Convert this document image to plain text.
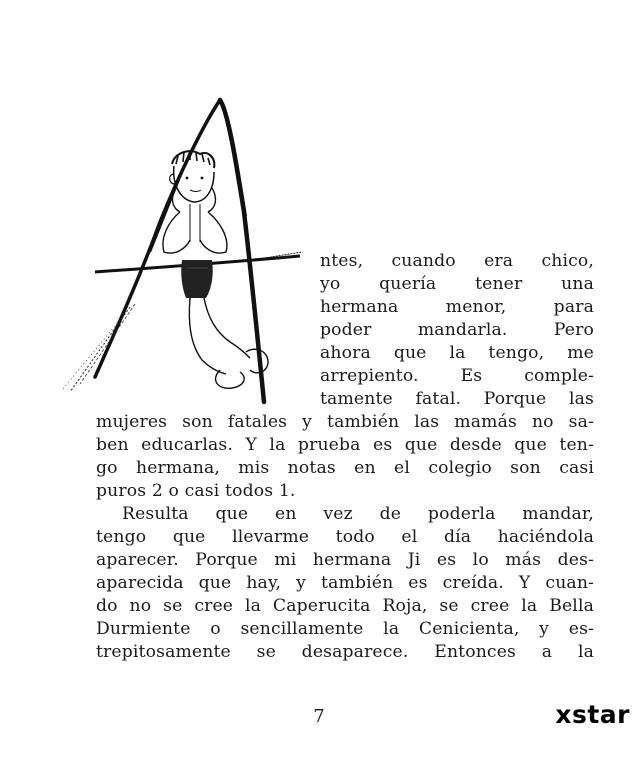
ntes, cuando era chico,
yo quería tener una
hermana menor, para
poder mandarla. Pero
ahora que la tengo, me
arrepiento. Es comple-
tamente fatal. Porque las
mujeres son fatales y también las mamás no sa-
ben educarlas. Y la prueba es que desde que ten-
go hermana, mis notas en el colegio son casi
puros 2 o casi todos 1.
Resulta que en vez de poderla mandar,
tengo que llevarme todo el día haciéndola
aparecer. Porque mi hermana Ji es lo más des-
aparecida que hay, y también es creída. Y cuan-
do no se cree la Caperucita Roja, se cree la Bella
Durmiente o sencillamente la Cenicienta, y es-
trepitosamente se desaparece. Entonces a la
7	xstar
